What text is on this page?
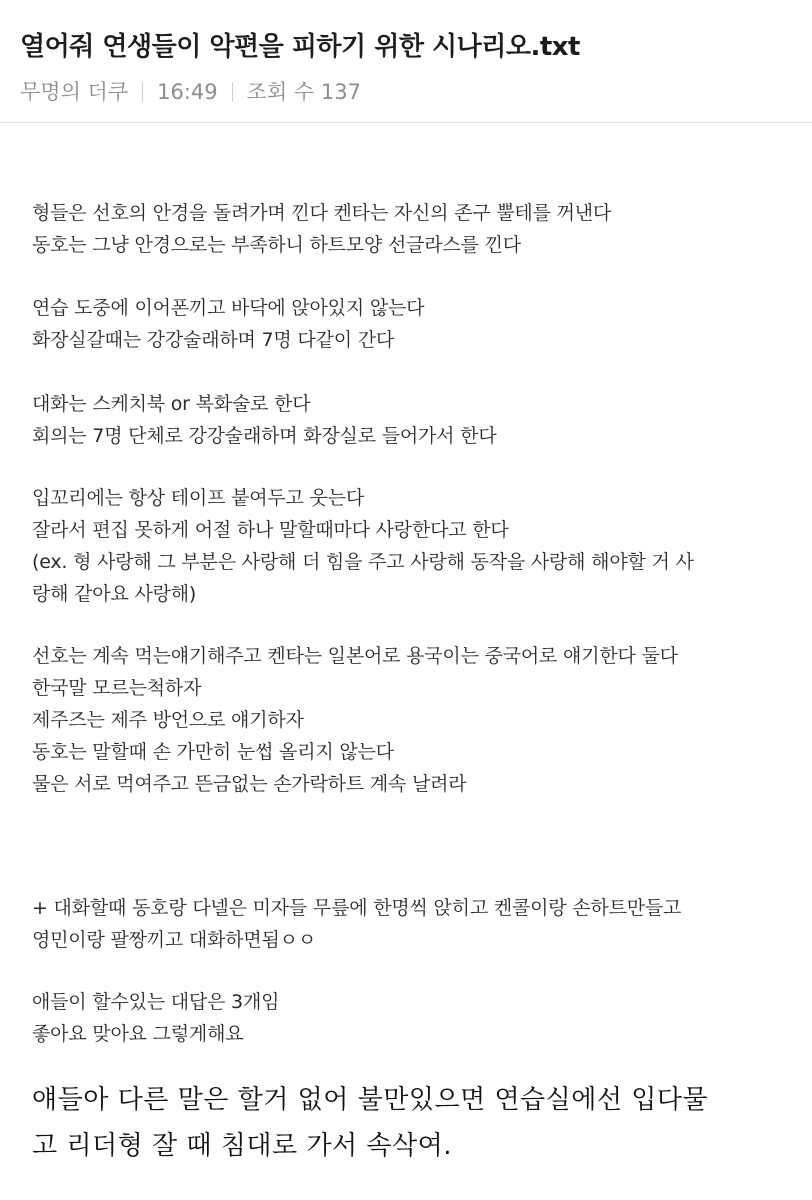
열어줘 연생들이 악편을 피하기 위한 시나리오.txt
무명의 더쿠 16:49 조회 수 137
형들은 선호의 안경을 돌려가며 낀다 켄타는 자신의 존구 뿔테를 꺼낸다
동호는 그냥 안경으로는 부족하니 하트모양 선글라스를 낀다
연습 도중에 이어폰끼고 바닥에 앉아있지 않는다
화장실갈때는 강강술래하며 7명 다같이 간다
대화는 스케치북 or 복화술로 한다
회의는 7명 단체로 강강술래하며 화장실로 들어가서 한다
입꼬리에는 항상 테이프 붙여두고 웃는다
잘라서 편집 못하게 어절 하나 말할때마다 사랑한다고 한다
(ex. 형 사랑해 그 부분은 사랑해 더 힘을 주고 사랑해 동작을 사랑해 해야할 거 사
랑해 같아요 사랑해)
선호는 계속 먹는얘기해주고 켄타는 일본어로 용국이는 중국어로 얘기한다 둘다
한국말 모르는척하자
제주즈는 제주 방언으로 얘기하자
동호는 말할때 손 가만히 눈썹 올리지 않는다
물은 서로 먹여주고 뜬금없는 손가락하트 계속 날려라
+ 대화할때 동호랑 다넬은 미자들 무릎에 한명씩 앉히고 켄콜이랑 손하트만들고
영민이랑 팔짱끼고 대화하면됨ㅇㅇ
애들이 할수있는 대답은 3개임
좋아요 맞아요 그렇게해요
얘들아 다른 말은 할거 없어 불만있으면 연습실에선 입다물
고 리더형 잘 때 침대로 가서 속삭여.
